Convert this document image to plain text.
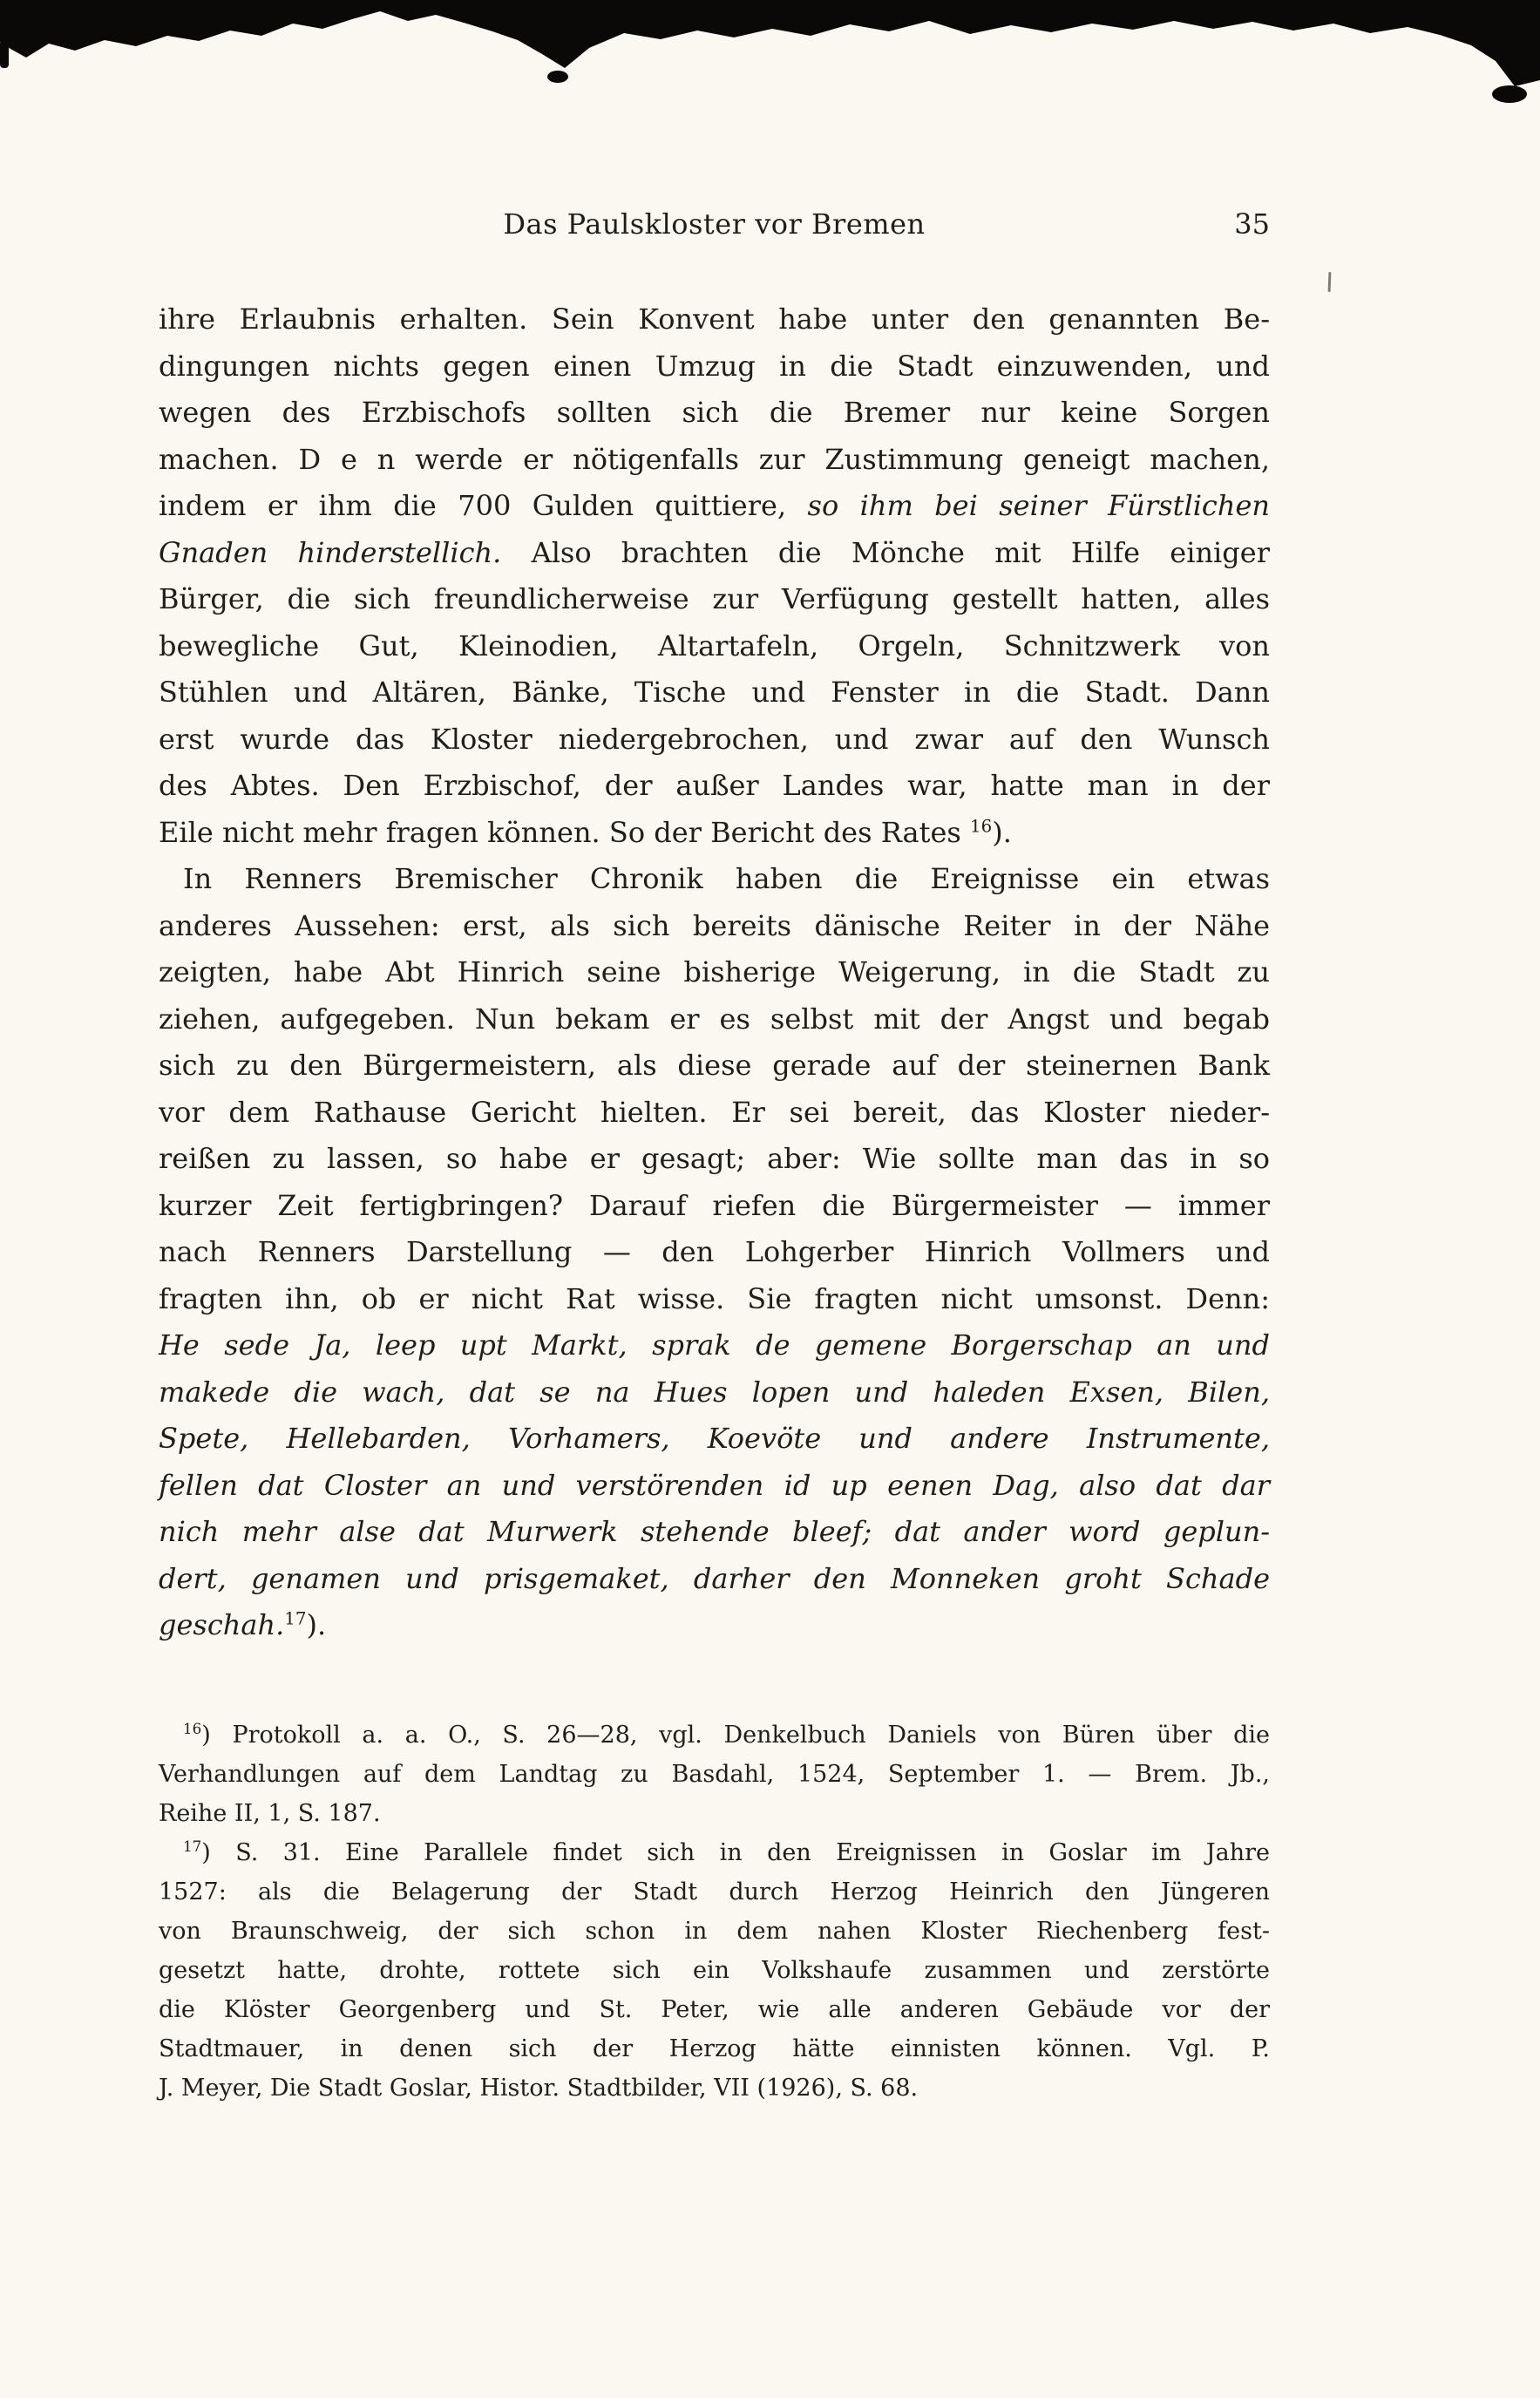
Das Paulskloster vor Bremen	35
ihre Erlaubnis erhalten. Sein Konvent habe unter den genannten Be-
dingungen nichts gegen einen Umzug in die Stadt einzuwenden, und
wegen des Erzbischofs sollten sich die Bremer nur keine Sorgen
machen. D e n werde er nötigenfalls zur Zustimmung geneigt machen,
indem er ihm die 700 Gulden quittiere, so ihm bei seiner Fürstlichen
Gnaden hinderstellich. Also brachten die Mönche mit Hilfe einiger
Bürger, die sich freundlicherweise zur Verfügung gestellt hatten, alles
bewegliche Gut, Kleinodien, Altartafeln, Orgeln, Schnitzwerk von
Stühlen und Altären, Bänke, Tische und Fenster in die Stadt. Dann
erst wurde das Kloster niedergebrochen, und zwar auf den Wunsch
des Abtes. Den Erzbischof, der außer Landes war, hatte man in der
Eile nicht mehr fragen können. So der Bericht des Rates $^{16}$).
In Renners Bremischer Chronik haben die Ereignisse ein etwas
anderes Aussehen: erst, als sich bereits dänische Reiter in der Nähe
zeigten, habe Abt Hinrich seine bisherige Weigerung, in die Stadt zu
ziehen, aufgegeben. Nun bekam er es selbst mit der Angst und begab
sich zu den Bürgermeistern, als diese gerade auf der steinernen Bank
vor dem Rathause Gericht hielten. Er sei bereit, das Kloster nieder-
reißen zu lassen, so habe er gesagt; aber: Wie sollte man das in so
kurzer Zeit fertigbringen? Darauf riefen die Bürgermeister — immer
nach Renners Darstellung — den Lohgerber Hinrich Vollmers und
fragten ihn, ob er nicht Rat wisse. Sie fragten nicht umsonst. Denn:
He sede Ja, leep upt Markt, sprak de gemene Borgerschap an und
makede die wach, dat se na Hues lopen und haleden Exsen, Bilen,
Spete, Hellebarden, Vorhamers, Koevöte und andere Instrumente,
fellen dat Closter an und verstörenden id up eenen Dag, also dat dar
nich mehr alse dat Murwerk stehende bleef; dat ander word geplun-
dert, genamen und prisgemaket, darher den Monneken groht Schade
geschah.$^{17}$).
$^{16}$) Protokoll a. a. O., S. 26—28, vgl. Denkelbuch Daniels von Büren über die
Verhandlungen auf dem Landtag zu Basdahl, 1524, September 1. — Brem. Jb.,
Reihe II, 1, S. 187.
$^{17}$) S. 31. Eine Parallele findet sich in den Ereignissen in Goslar im Jahre
1527: als die Belagerung der Stadt durch Herzog Heinrich den Jüngeren
von Braunschweig, der sich schon in dem nahen Kloster Riechenberg fest-
gesetzt hatte, drohte, rottete sich ein Volkshaufe zusammen und zerstörte
die Klöster Georgenberg und St. Peter, wie alle anderen Gebäude vor der
Stadtmauer, in denen sich der Herzog hätte einnisten können. Vgl. P.
J. Meyer, Die Stadt Goslar, Histor. Stadtbilder, VII (1926), S. 68.
